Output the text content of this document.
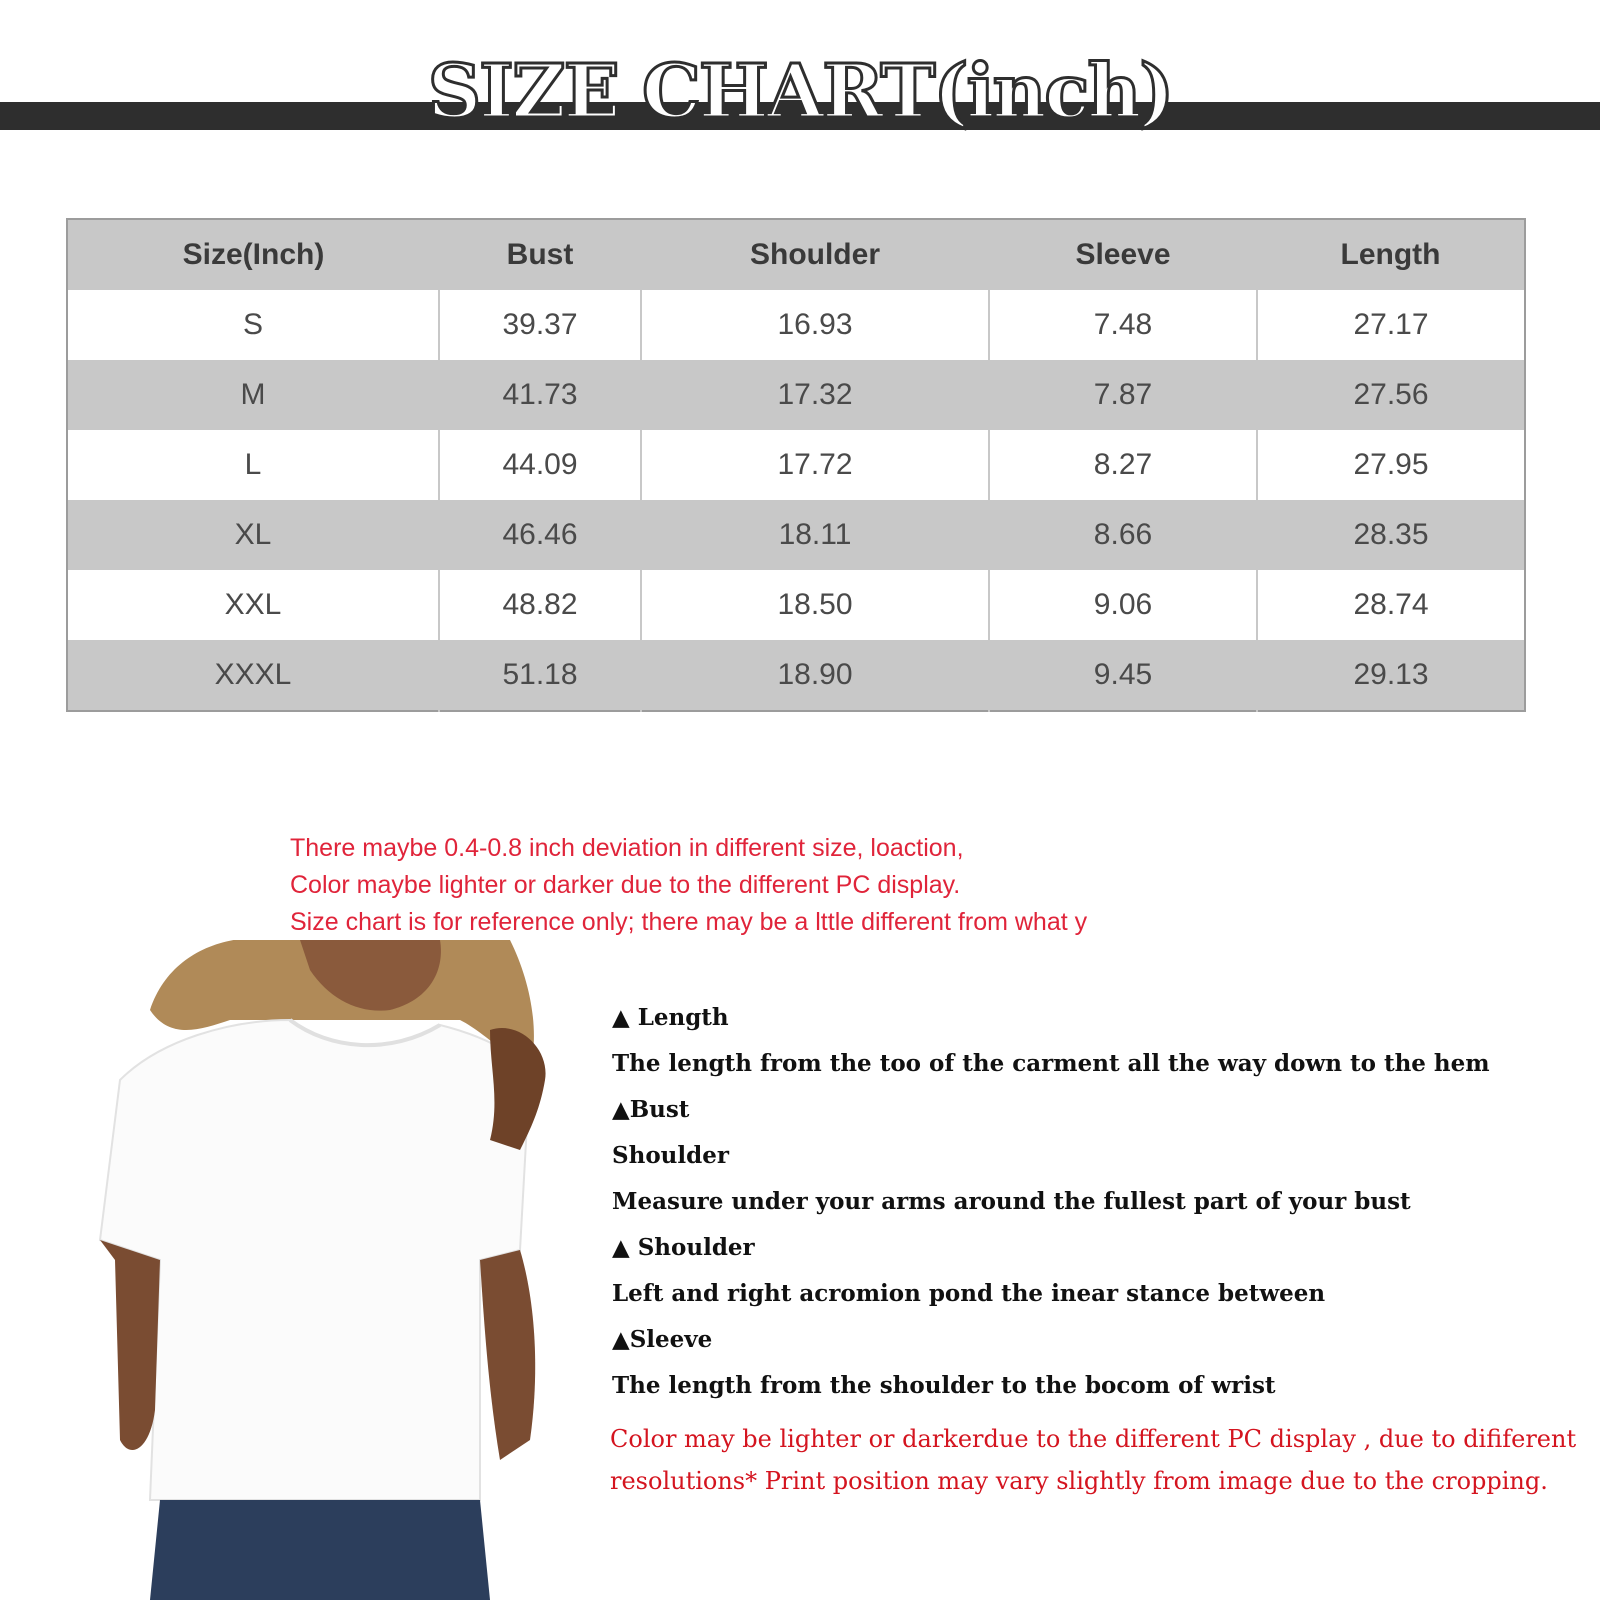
SIZE CHART(inch)
Size(Inch)	Bust	Shoulder	Sleeve	Length
S	39.37	16.93	7.48	27.17
M	41.73	17.32	7.87	27.56
L	44.09	17.72	8.27	27.95
XL	46.46	18.11	8.66	28.35
XXL	48.82	18.50	9.06	28.74
XXXL	51.18	18.90	9.45	29.13
There maybe 0.4-0.8 inch deviation in different size, loaction,
Color maybe lighter or darker due to the different PC display.
Size chart is for reference only; there may be a lttle different from what y
▲ Length
The length from the too of the carment all the way down to the hem
▲Bust
Shoulder
Measure under your arms around the fullest part of your bust
▲ Shoulder
Left and right acromion pond the inear stance between
▲Sleeve
The length from the shoulder to the bocom of wrist
Color may be lighter or darkerdue to the different PC display , due to dififerent
resolutions* Print position may vary slightly from image due to the cropping.
